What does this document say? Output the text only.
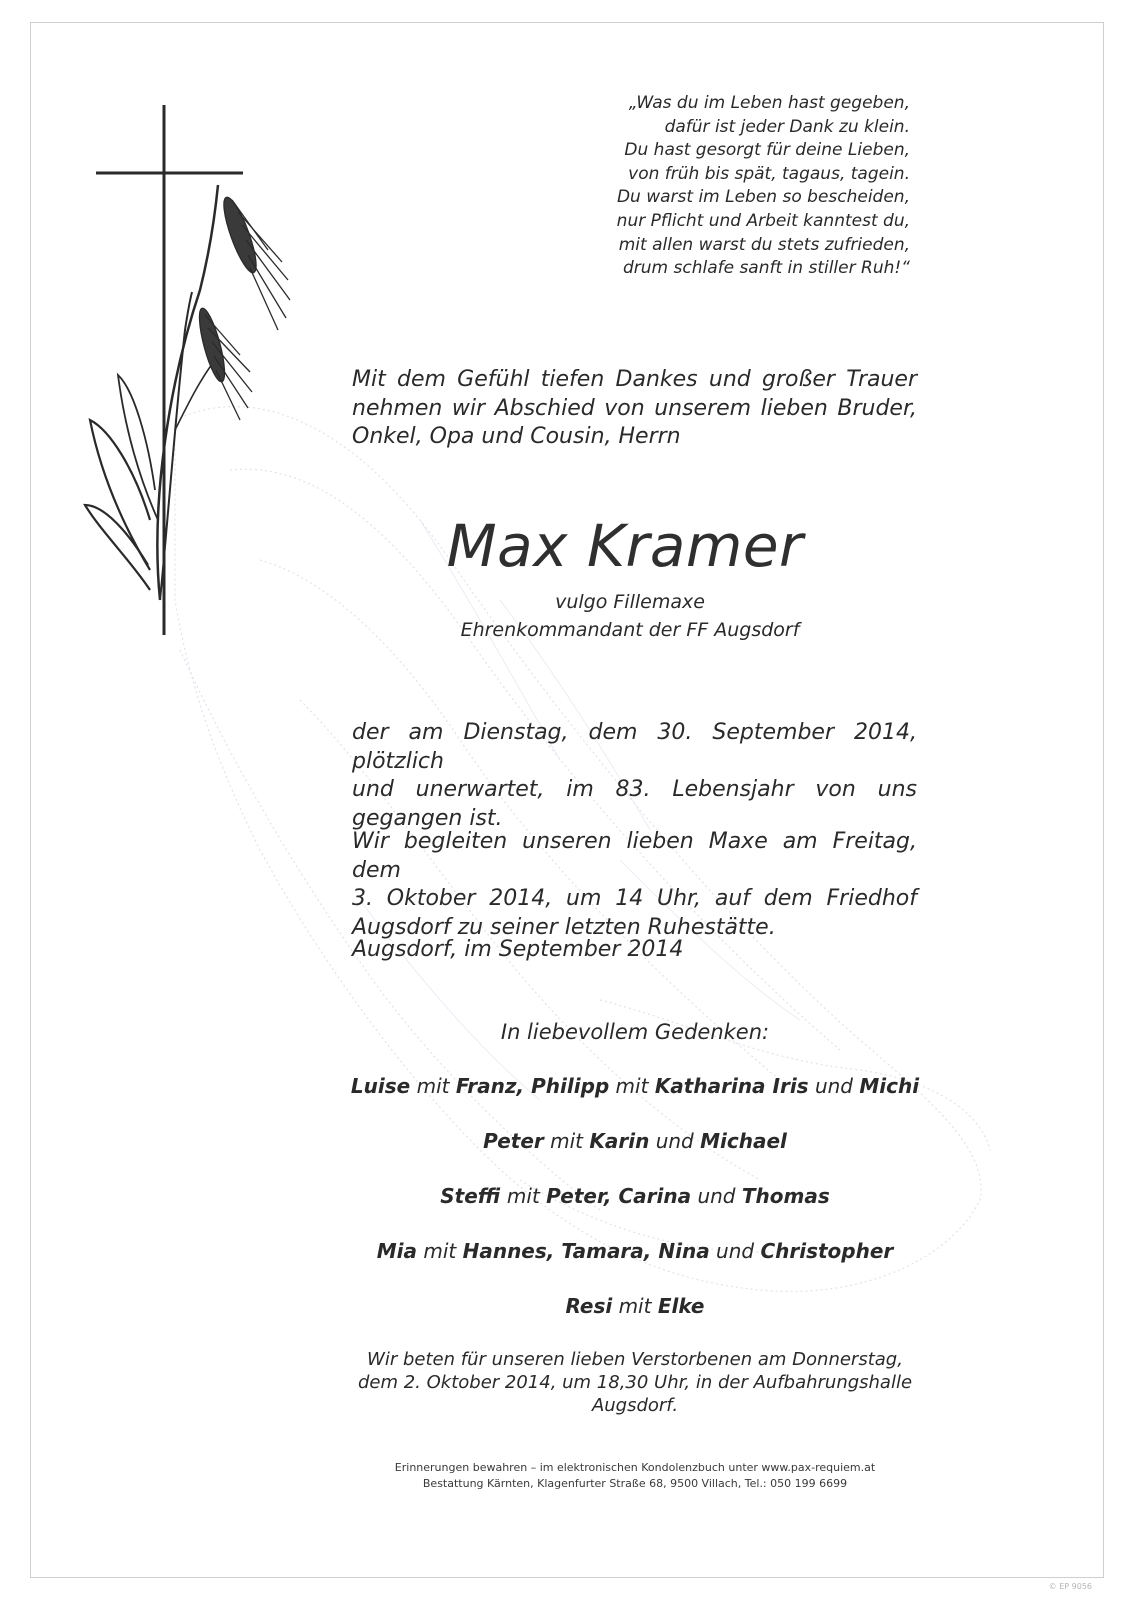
„Was du im Leben hast gegeben,
dafür ist jeder Dank zu klein.
Du hast gesorgt für deine Lieben,
von früh bis spät, tagaus, tagein.
Du warst im Leben so bescheiden,
nur Pflicht und Arbeit kanntest du,
mit allen warst du stets zufrieden,
drum schlafe sanft in stiller Ruh!“
Mit dem Gefühl tiefen Dankes und großer Trauer
nehmen wir Abschied von unserem lieben Bruder,
Onkel, Opa und Cousin, Herrn
Max Kramer
vulgo Fillemaxe
Ehrenkommandant der FF Augsdorf
der am Dienstag, dem 30. September 2014, plötzlich
und unerwartet, im 83. Lebensjahr von uns
gegangen ist.
Wir begleiten unseren lieben Maxe am Freitag, dem
3. Oktober 2014, um 14 Uhr, auf dem Friedhof
Augsdorf zu seiner letzten Ruhestätte.
Augsdorf, im September 2014
In liebevollem Gedenken:
Luise mit Franz, Philipp mit Katharina Iris und Michi
Peter mit Karin und Michael
Steffi mit Peter, Carina und Thomas
Mia mit Hannes, Tamara, Nina und Christopher
Resi mit Elke
Wir beten für unseren lieben Verstorbenen am Donnerstag,
dem 2. Oktober 2014, um 18,30 Uhr, in der Aufbahrungshalle
Augsdorf.
Erinnerungen bewahren – im elektronischen Kondolenzbuch unter www.pax-requiem.at
Bestattung Kärnten, Klagenfurter Straße 68, 9500 Villach, Tel.: 050 199 6699
© EP 9056
